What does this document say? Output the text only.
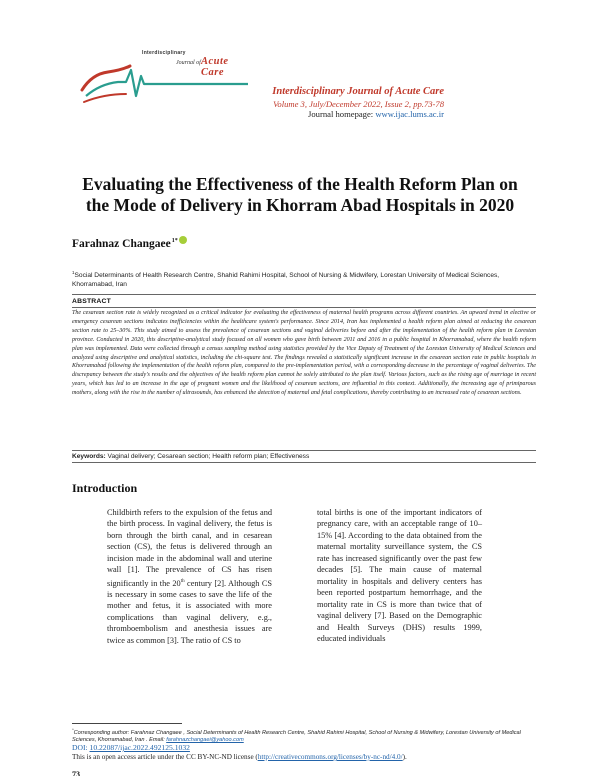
Interdisciplinary
Journal of Acute Care
Interdisciplinary Journal of Acute Care
Volume 3, July/December 2022, Issue 2, pp.73-78
Journal homepage: www.ijac.lums.ac.ir
Evaluating the Effectiveness of the Health Reform Plan on the Mode of Delivery in Khorram Abad Hospitals in 2020
Farahnaz Changaee$^{1*}$
$^1$Social Determinants of Health Research Centre, Shahid Rahimi Hospital, School of Nursing & Midwifery, Lorestan University of Medical Sciences, Khorramabad, Iran
ABSTRACT
The cesarean section rate is widely recognized as a critical indicator for evaluating the effectiveness of maternal health programs across different countries. An upward trend in elective or emergency cesarean sections indicates inefficiencies within the healthcare system's performance. Since 2014, Iran has implemented a health reform plan aimed at reducing the cesarean section rate to 25–30%. This study aimed to assess the prevalence of cesarean sections and vaginal deliveries before and after the implementation of the health reform plan in Lorestan province. Conducted in 2020, this descriptive-analytical study focused on all women who gave birth between 2011 and 2016 in a public hospital in Khorramabad, where the health reform plan was implemented. Data were collected through a census sampling method using statistics provided by the Vice Deputy of Treatment of the Lorestan University of Medical Sciences and analyzed using descriptive and analytical statistics, including the chi-square test. The findings revealed a statistically significant increase in the cesarean section rate in public hospitals in Khorramabad following the implementation of the health reform plan, compared to the pre-implementation period, with a corresponding decrease in the percentage of vaginal deliveries. The discrepancy between the study's results and the objectives of the health reform plan cannot be solely attributed to the plan itself. Various factors, such as the rising age of marriage in recent years, which has led to an increase in the age of pregnant women and the likelihood of cesarean sections, are influential in this context. Additionally, the increasing age of primiparous mothers, along with the rise in the number of ultrasounds, has enhanced the detection of maternal and fetal complications, thereby contributing to an increased rate of cesarean sections.
Keywords: Vaginal delivery; Cesarean section; Health reform plan; Effectiveness
Introduction
Childbirth refers to the expulsion of the fetus and the birth process. In vaginal delivery, the fetus is born through the birth canal, and in cesarean section (CS), the fetus is delivered through an incision made in the abdominal wall and uterine wall [1]. The prevalence of CS has risen significantly in the 20th century [2]. Although CS is necessary in some cases to save the life of the mother and fetus, it is associated with more complications than vaginal delivery, e.g., thromboembolism and anesthesia issues are twice as common [3]. The ratio of CS to
total births is one of the important indicators of pregnancy care, with an acceptable range of 10–15% [4]. According to the data obtained from the maternal mortality surveillance system, the CS rate has increased significantly over the past few decades [5]. The main cause of maternal mortality in hospitals and delivery centers has been reported postpartum hemorrhage, and the mortality rate in CS is more than twice that of vaginal delivery [7]. Based on the Demographic and Health Surveys (DHS) results 1999, educated individuals
*Corresponding author: Farahnaz Changaee , Social Determinants of Health Research Centre, Shahid Rahimi Hospital, School of Nursing & Midwifery, Lorestan University of Medical Sciences, Khorramabad, Iran . Email: farahnazchangaei@yahoo.com
DOI: 10.22087/ijac.2022.492125.1032
This is an open access article under the CC BY-NC-ND license (http://creativecommons.org/licenses/by-nc-nd/4.0/).
73
